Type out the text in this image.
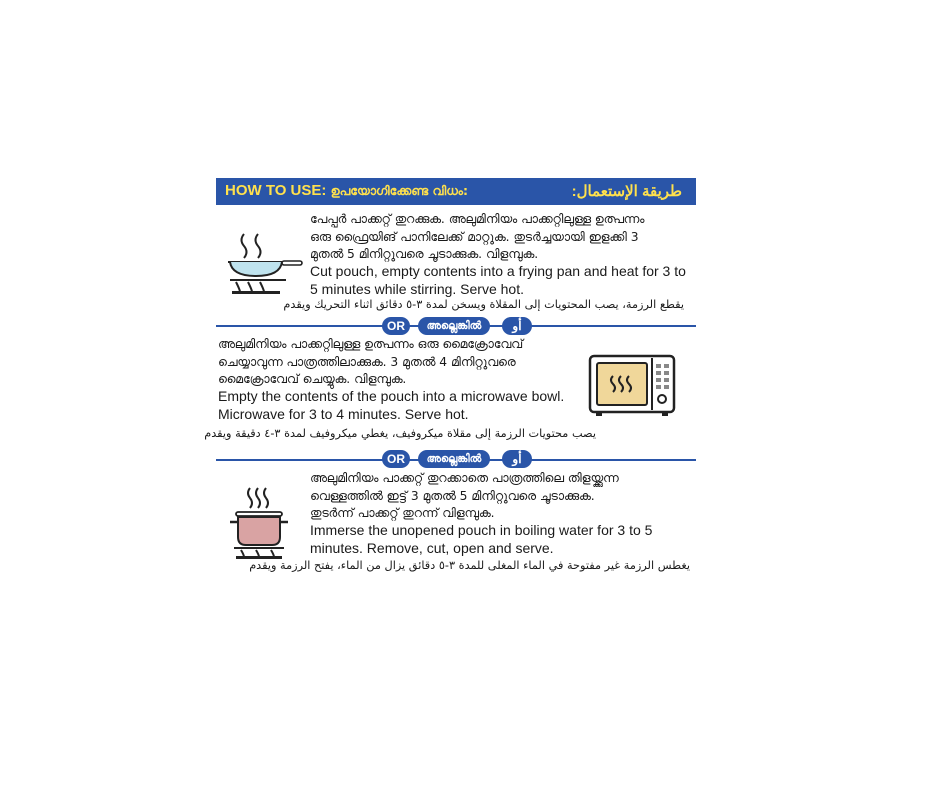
HOW TO USE: ഉപയോഗിക്കേണ്ട വിധം:	طريقة الإستعمال:
പേപ്പർ പാക്കറ്റ് തുറക്കുക. അലുമിനിയം പാക്കറ്റിലുള്ള ഉത്പന്നം
ഒരു ഫ്രൈയിങ് പാനിലേക്ക് മാറ്റുക. തുടർച്ചയായി ഇളക്കി 3
മുതൽ 5 മിനിറ്റുവരെ ചൂടാക്കുക. വിളമ്പുക.
Cut pouch, empty contents into a frying pan and heat for 3 to
5 minutes while stirring. Serve hot.
يقطع الرزمة، يصب المحتويات إلى المقلاة ويسخن لمدة ٣-٥ دقائق اثناء التحريك ويقدم
OR	അല്ലെങ്കിൽ	أو
അലുമിനിയം പാക്കറ്റിലുള്ള ഉത്പന്നം ഒരു മൈക്രോവേവ്
ചെയ്യാവുന്ന പാത്രത്തിലാക്കുക. 3 മുതൽ 4 മിനിറ്റുവരെ
മൈക്രോവേവ് ചെയ്യുക. വിളമ്പുക.
Empty the contents of the pouch into a microwave bowl.
Microwave for 3 to 4 minutes. Serve hot.
يصب محتويات الرزمة إلى مقلاة ميكروفيف، يغطي ميكروفيف لمدة ٣-٤ دقيقة ويقدم
OR	അല്ലെങ്കിൽ	أو
അലുമിനിയം പാക്കറ്റ് തുറക്കാതെ പാത്രത്തിലെ തിളയ്ക്കുന്ന
വെള്ളത്തിൽ ഇട്ട് 3 മുതൽ 5 മിനിറ്റുവരെ ചൂടാക്കുക.
തുടർന്ന് പാക്കറ്റ് തുറന്ന് വിളമ്പുക.
Immerse the unopened pouch in boiling water for 3 to 5
minutes. Remove, cut, open and serve.
يغطس الرزمة غير مفتوحة في الماء المغلى للمدة ٣-٥ دقائق يزال من الماء، يفتح الرزمة ويقدم
